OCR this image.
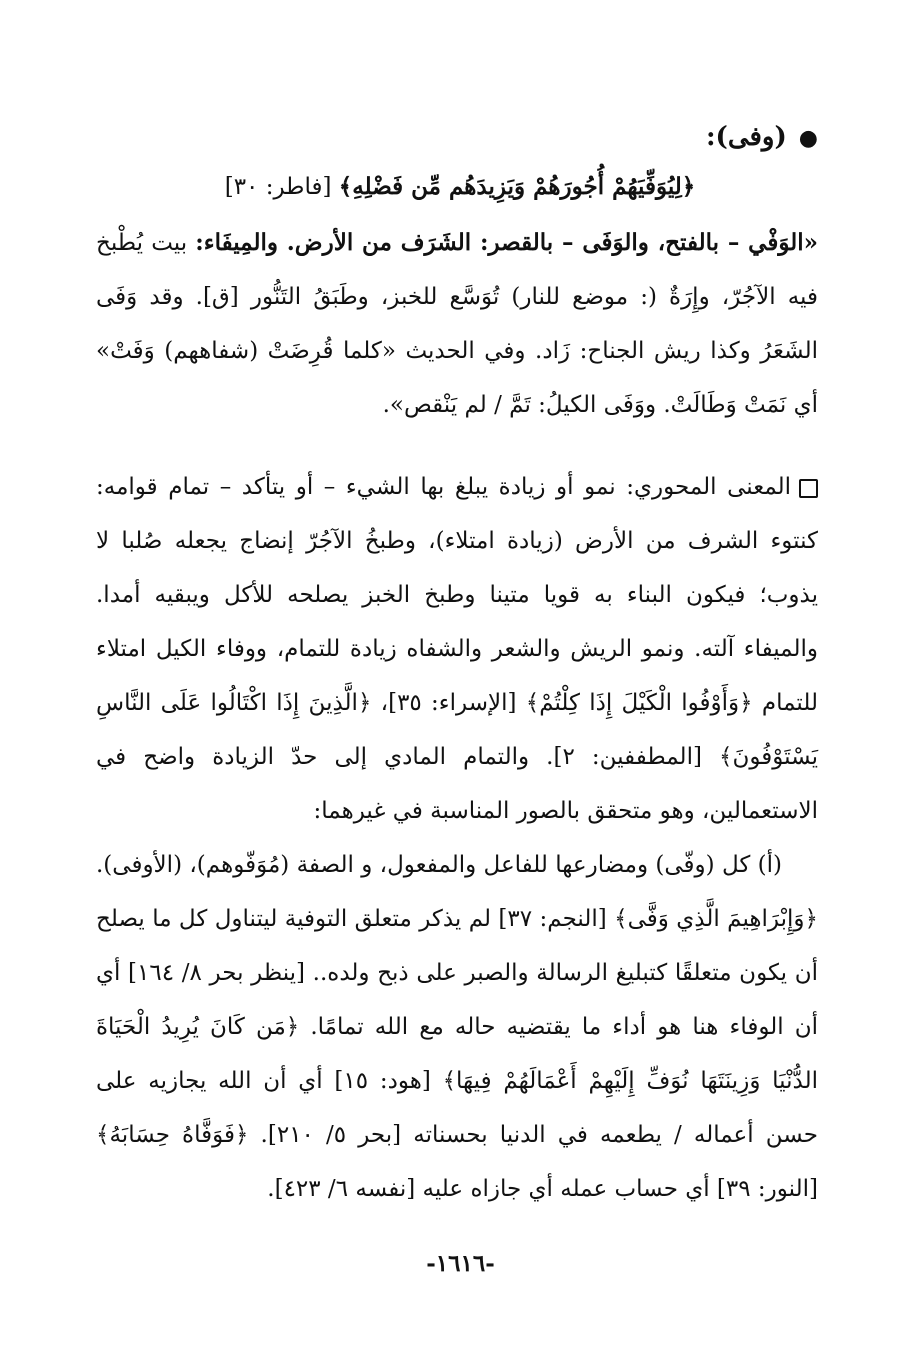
●(وفى):
﴿لِيُوَفِّيَهُمْ أُجُورَهُمْ وَيَزِيدَهُم مِّن فَضْلِهِ﴾ [فاطر: ٣٠]

«الوَفْي – بالفتح، والوَفَى – بالقصر: الشَرَف من الأرض. والمِيفَاء: بيت يُطْبخ فيه الآجُرّ، وإِرَةٌ (: موضع للنار) تُوَسَّع للخبز، وطَبَقُ التَنُّور [ق]. وقد وَفَى الشَعَرُ وكذا ريش الجناح: زَاد. وفي الحديث «كلما قُرِضَتْ (شفاههم) وَفَتْ» أي نَمَتْ وَطَالَتْ. ووَفَى الكيلُ: تَمَّ / لم يَنْقص».

المعنى المحوري: نمو أو زيادة يبلغ بها الشيء – أو يتأكد – تمام قوامه: كنتوء الشرف من الأرض (زيادة امتلاء)، وطبخُ الآجُرّ إنضاج يجعله صُلبا لا يذوب؛ فيكون البناء به قويا متينا وطبخ الخبز يصلحه للأكل ويبقيه أمدا. والميفاء آلته. ونمو الريش والشعر والشفاه زيادة للتمام، ووفاء الكيل امتلاء للتمام ﴿وَأَوْفُوا الْكَيْلَ إِذَا كِلْتُمْ﴾ [الإسراء: ٣٥]، ﴿الَّذِينَ إِذَا اكْتَالُوا عَلَى النَّاسِ يَسْتَوْفُونَ﴾ [المطففين: ٢]. والتمام المادي إلى حدّ الزيادة واضح في الاستعمالين، وهو متحقق بالصور المناسبة في غيرهما:

(أ) كل (وفّى) ومضارعها للفاعل والمفعول، و الصفة (مُوَفّوهم)، (الأوفى). ﴿وَإِبْرَاهِيمَ الَّذِي وَفَّى﴾ [النجم: ٣٧] لم يذكر متعلق التوفية ليتناول كل ما يصلح أن يكون متعلقًا كتبليغ الرسالة والصبر على ذبح ولده.. [ينظر بحر ٨/ ١٦٤] أي أن الوفاء هنا هو أداء ما يقتضيه حاله مع الله تمامًا. ﴿مَن كَانَ يُرِيدُ الْحَيَاةَ الدُّنْيَا وَزِينَتَهَا نُوَفِّ إِلَيْهِمْ أَعْمَالَهُمْ فِيهَا﴾ [هود: ١٥] أي أن الله يجازيه على حسن أعماله / يطعمه في الدنيا بحسناته [بحر ٥/ ٢١٠]. ﴿فَوَفَّاهُ حِسَابَهُ﴾ [النور: ٣٩] أي حساب عمله أي جازاه عليه [نفسه ٦/ ٤٢٣].

-١٦١٦-
